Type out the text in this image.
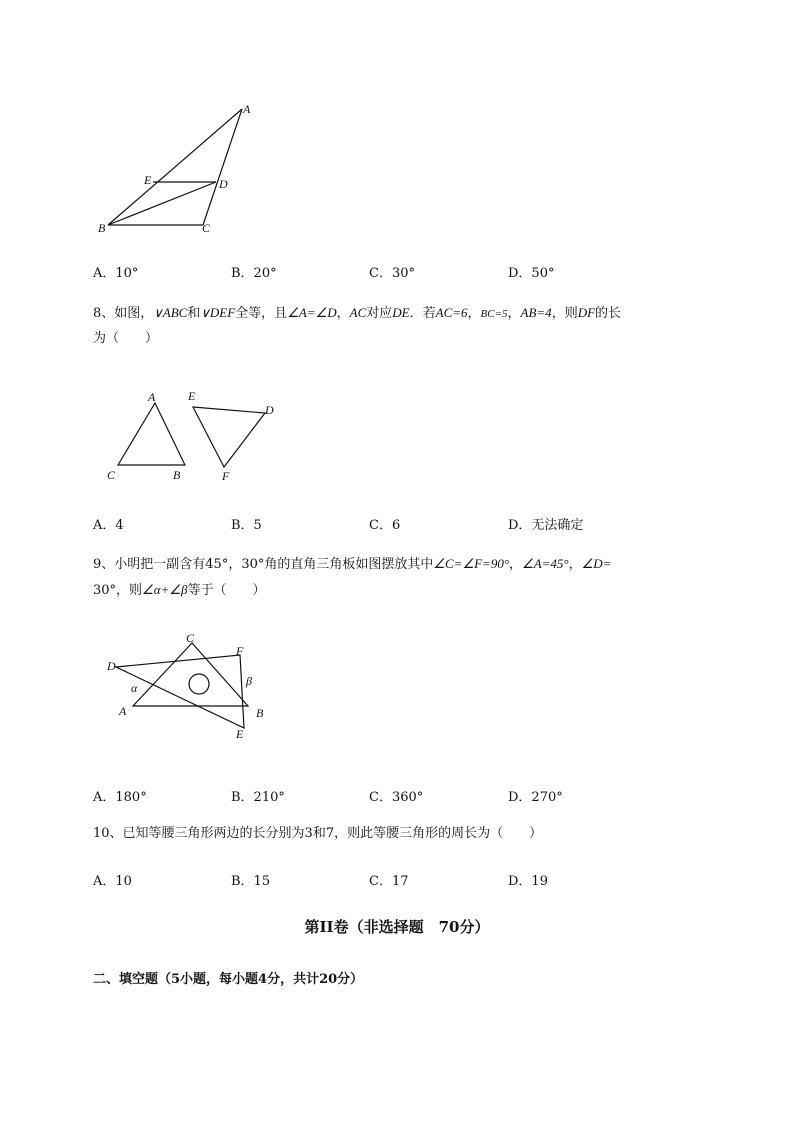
A
E	D
B	C
A．10°	B．20°	C．30°	D．50°
8、如图，∨ABC和∨DEF全等，且∠A=∠D，AC对应DE．若AC=6，BC=5，AB=4，则DF的长
为（　　）
A
C	B
E
D
F
A．4	B．5	C．6	D．无法确定
9、小明把一副含有45°，30°角的直角三角板如图摆放其中∠C=∠F=90°，∠A=45°，∠D=
30°，则∠α+∠β等于（　　）
C
F
D
α	β
A	B
E
A．180°	B．210°	C．360°	D．270°
10、已知等腰三角形两边的长分别为3和7，则此等腰三角形的周长为（　　）
A．10	B．15	C．17	D．19
第II卷（非选择题　70分）
二、填空题（5小题，每小题4分，共计20分）
